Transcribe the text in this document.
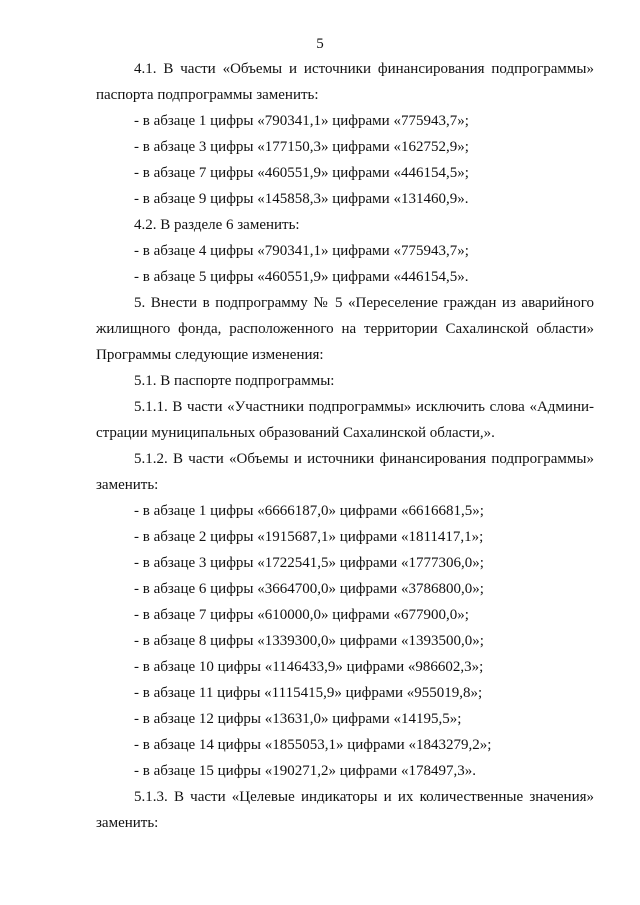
5

4.1. В части «Объемы и источники финансирования подпрограммы»

паспорта подпрограммы заменить:

- в абзаце 1 цифры «790341,1» цифрами «775943,7»;

- в абзаце 3 цифры «177150,3» цифрами «162752,9»;

- в абзаце 7 цифры «460551,9» цифрами «446154,5»;

- в абзаце 9 цифры «145858,3» цифрами «131460,9».

4.2. В разделе 6 заменить:

- в абзаце 4 цифры «790341,1» цифрами «775943,7»;

- в абзаце 5 цифры «460551,9» цифрами «446154,5».

5. Внести в подпрограмму № 5 «Переселение граждан из аварийного

жилищного фонда, расположенного на территории Сахалинской области»

Программы следующие изменения:

5.1. В паспорте подпрограммы:

5.1.1. В части «Участники подпрограммы» исключить слова «Админи-

страции муниципальных образований Сахалинской области,».

5.1.2. В части «Объемы и источники финансирования подпрограммы»

заменить:

- в абзаце 1 цифры «6666187,0» цифрами «6616681,5»;

- в абзаце 2 цифры «1915687,1» цифрами «1811417,1»;

- в абзаце 3 цифры «1722541,5» цифрами «1777306,0»;

- в абзаце 6 цифры «3664700,0» цифрами «3786800,0»;

- в абзаце 7 цифры «610000,0» цифрами «677900,0»;

- в абзаце 8 цифры «1339300,0» цифрами «1393500,0»;

- в абзаце 10 цифры «1146433,9» цифрами «986602,3»;

- в абзаце 11 цифры «1115415,9» цифрами «955019,8»;

- в абзаце 12 цифры «13631,0» цифрами «14195,5»;

- в абзаце 14 цифры «1855053,1» цифрами «1843279,2»;

- в абзаце 15 цифры «190271,2» цифрами «178497,3».

5.1.3. В части «Целевые индикаторы и их количественные значения»

заменить:
